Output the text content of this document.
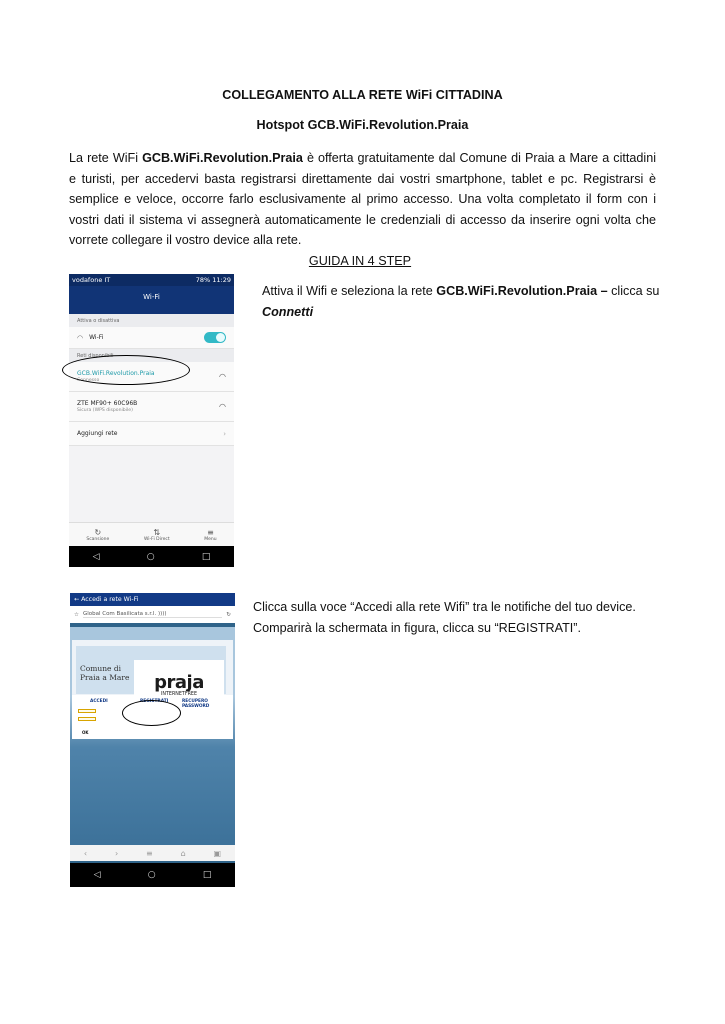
COLLEGAMENTO ALLA RETE WiFi CITTADINA
Hotspot GCB.WiFi.Revolution.Praia

La rete WiFi GCB.WiFi.Revolution.Praia è offerta gratuitamente dal Comune di Praia a Mare a cittadini e turisti, per accedervi basta registrarsi direttamente dai vostri smartphone, tablet e pc. Registrarsi è semplice e veloce, occorre farlo esclusivamente al primo accesso. Una volta completato il form con i vostri dati il sistema vi assegnerà automaticamente le credenziali di accesso da inserire ogni volta che vorrete collegare il vostro device alla rete.

GUIDA IN 4 STEP

Attiva il Wifi e seleziona la rete GCB.WiFi.Revolution.Praia – clicca su
Connetti

Clicca sulla voce “Accedi alla rete Wifi” tra le notifiche del tuo device.
Comparirà la schermata in figura, clicca su “REGISTRATI”.

vodafone IT	78% 11:29
Wi-Fi
Attiva o disattiva
◠ Wi-Fi
Reti disponibili
GCB.WiFi.Revolution.Praia
Connesso	◠
ZTE MF90+ 60C96B
Sicura (WPS disponibile)	◠
Aggiungi rete	›
↻
Scansione
⇅
Wi-Fi Direct
≡
Menu
◁	○	□
← Accedi a rete Wi-Fi
☆ Global Com Basilicata s.r.l. ))))	↻
Comune di
Praia a Mare	praja
ACCEDI	REGISTRATI	RECUPERO PASSWORD
OK
‹	›	≡	⌂	▣
◁	○	□
